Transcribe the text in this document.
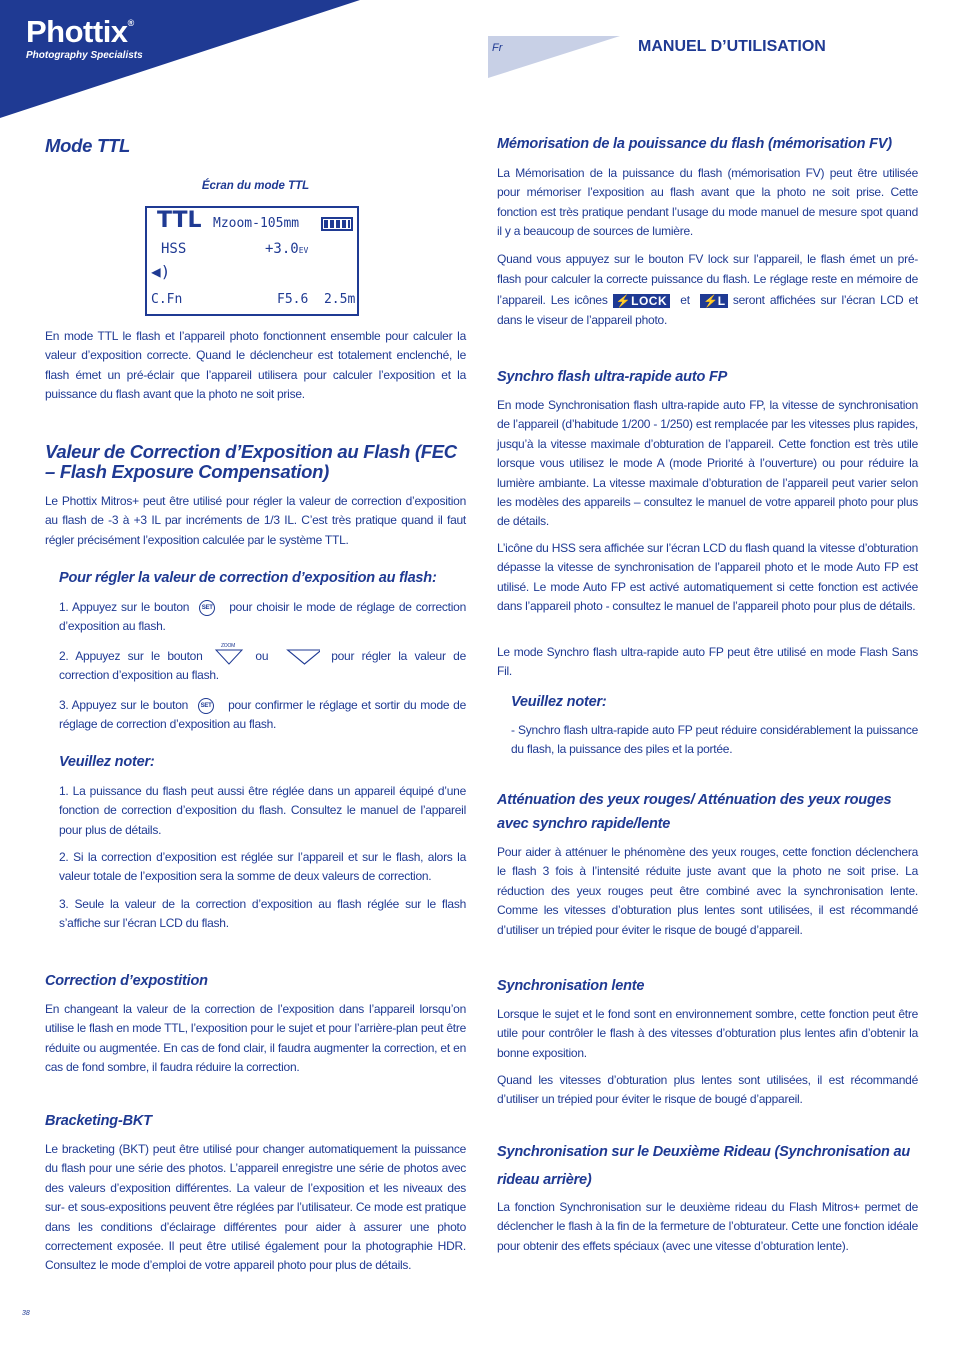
Phottix®
Photography Specialists
Fr	MANUEL D’UTILISATION
Mode TTL
Écran du mode TTL
TTL Mzoom-105mm
HSS	+3.0EV
◀)
C.Fn	F5.6 2.5m
En mode TTL le flash et l’appareil photo fonctionnent ensemble pour calculer la valeur d’exposition correcte. Quand le déclencheur est totalement enclenché, le flash émet un pré-éclair que l’appareil utilisera pour calculer l’exposition et la puissance du flash avant que la photo ne soit prise.
Valeur de Correction d’Exposition au Flash (FEC – Flash Exposure Compensation)
Le Phottix Mitros+ peut être utilisé pour régler la valeur de correction d’exposition au flash de -3 à +3 IL par incréments de 1/3 IL. C’est très pratique quand il faut régler précisément l’exposition calculée par le système TTL.
Pour régler la valeur de correction d’exposition au flash:
1. Appuyez sur le bouton SET pour choisir le mode de réglage de correction d’exposition au flash.
ZOOM
2. Appuyez sur le bouton	ou	pour régler la valeur de correction d’exposition au flash.
3. Appuyez sur le bouton SET pour confirmer le réglage et sortir du mode de réglage de correction d’exposition au flash.
Veuillez noter:
1. La puissance du flash peut aussi être réglée dans un appareil équipé d’une fonction de correction d’exposition du flash. Consultez le manuel de l’appareil pour plus de détails.
2. Si la correction d’exposition est réglée sur l’appareil et sur le flash, alors la valeur totale de l’exposition sera la somme de deux valeurs de correction.
3. Seule la valeur de la correction d’exposition au flash réglée sur le flash s’affiche sur l’écran LCD du flash.
Correction d’expostition
En changeant la valeur de la correction de l’exposition dans l’appareil lorsqu’on utilise le flash en mode TTL, l’exposition pour le sujet et pour l’arrière-plan peut être réduite ou augmentée. En cas de fond clair, il faudra augmenter la correction, et en cas de fond sombre, il faudra réduire la correction.
Bracketing-BKT
Le bracketing (BKT) peut être utilisé pour changer automatiquement la puissance du flash pour une série des photos. L’appareil enregistre une série de photos avec des valeurs d’exposition différentes. La valeur de l’exposition et les niveaux des sur- et sous-expositions peuvent être réglées par l’utilisateur. Ce mode est pratique dans les conditions d’éclairage différentes pour aider à assurer une photo correctement exposée. Il peut être utilisé également pour la photographie HDR. Consultez le mode d’emploi de votre appareil photo pour plus de détails.
Mémorisation de la pouissance du flash (mémorisation FV)
La Mémorisation de la puissance du flash (mémorisation FV) peut être utilisée pour mémoriser l’exposition au flash avant que la photo ne soit prise. Cette fonction est très pratique pendant l’usage du mode manuel de mesure spot quand il y a beaucoup de sources de lumière.
Quand vous appuyez sur le bouton FV lock sur l’appareil, le flash émet un pré-flash pour calculer la correcte puissance du flash. Le réglage reste en mémoire de l’appareil. Les icônes ⚡LOCK et ⚡L seront affichées sur l’écran LCD et dans le viseur de l’appareil photo.
Synchro flash ultra-rapide auto FP
En mode Synchronisation flash ultra-rapide auto FP, la vitesse de synchronisation de l’appareil (d’habitude 1/200 - 1/250) est remplacée par les vitesses plus rapides, jusqu’à la vitesse maximale d’obturation de l’appareil. Cette fonction est très utile lorsque vous utilisez le mode A (mode Priorité à l’ouverture) ou pour réduire la lumière ambiante. La vitesse maximale d’obturation de l’appareil peut varier selon les modèles des appareils – consultez le manuel de votre appareil photo pour plus de détails.
L’icône du HSS sera affichée sur l’écran LCD du flash quand la vitesse d’obturation dépasse la vitesse de synchronisation de l’appareil photo et le mode Auto FP est utilisé. Le mode Auto FP est activé automatiquement si cette fonction est activée dans l’appareil photo - consultez le manuel de l’appareil photo pour plus de détails.
Le mode Synchro flash ultra-rapide auto FP peut être utilisé en mode Flash Sans Fil.
Veuillez noter:
- Synchro flash ultra-rapide auto FP peut réduire considérablement la puissance du flash, la puissance des piles et la portée.
Atténuation des yeux rouges/ Atténuation des yeux rouges avec synchro rapide/lente
Pour aider à atténuer le phénomène des yeux rouges, cette fonction déclenchera le flash 3 fois à l’intensité réduite juste avant que la photo ne soit prise. La réduction des yeux rouges peut être combiné avec la synchronisation lente. Comme les vitesses d’obturation plus lentes sont utilisées, il est récommandé d’utiliser un trépied pour éviter le risque de bougé d’appareil.
Synchronisation lente
Lorsque le sujet et le fond sont en environnement sombre, cette fonction peut être utile pour contrôler le flash à des vitesses d’obturation plus lentes afin d’obtenir la bonne exposition.
Quand les vitesses d’obturation plus lentes sont utilisées, il est récommandé d’utiliser un trépied pour éviter le risque de bougé d’appareil.
Synchronisation sur le Deuxième Rideau (Synchronisation au rideau arrière)
La fonction Synchronisation sur le deuxième rideau du Flash Mitros+ permet de déclencher le flash à la fin de la fermeture de l’obturateur. Cette une fonction idéale pour obtenir des effets spéciaux (avec une vitesse d’obturation lente).
38
